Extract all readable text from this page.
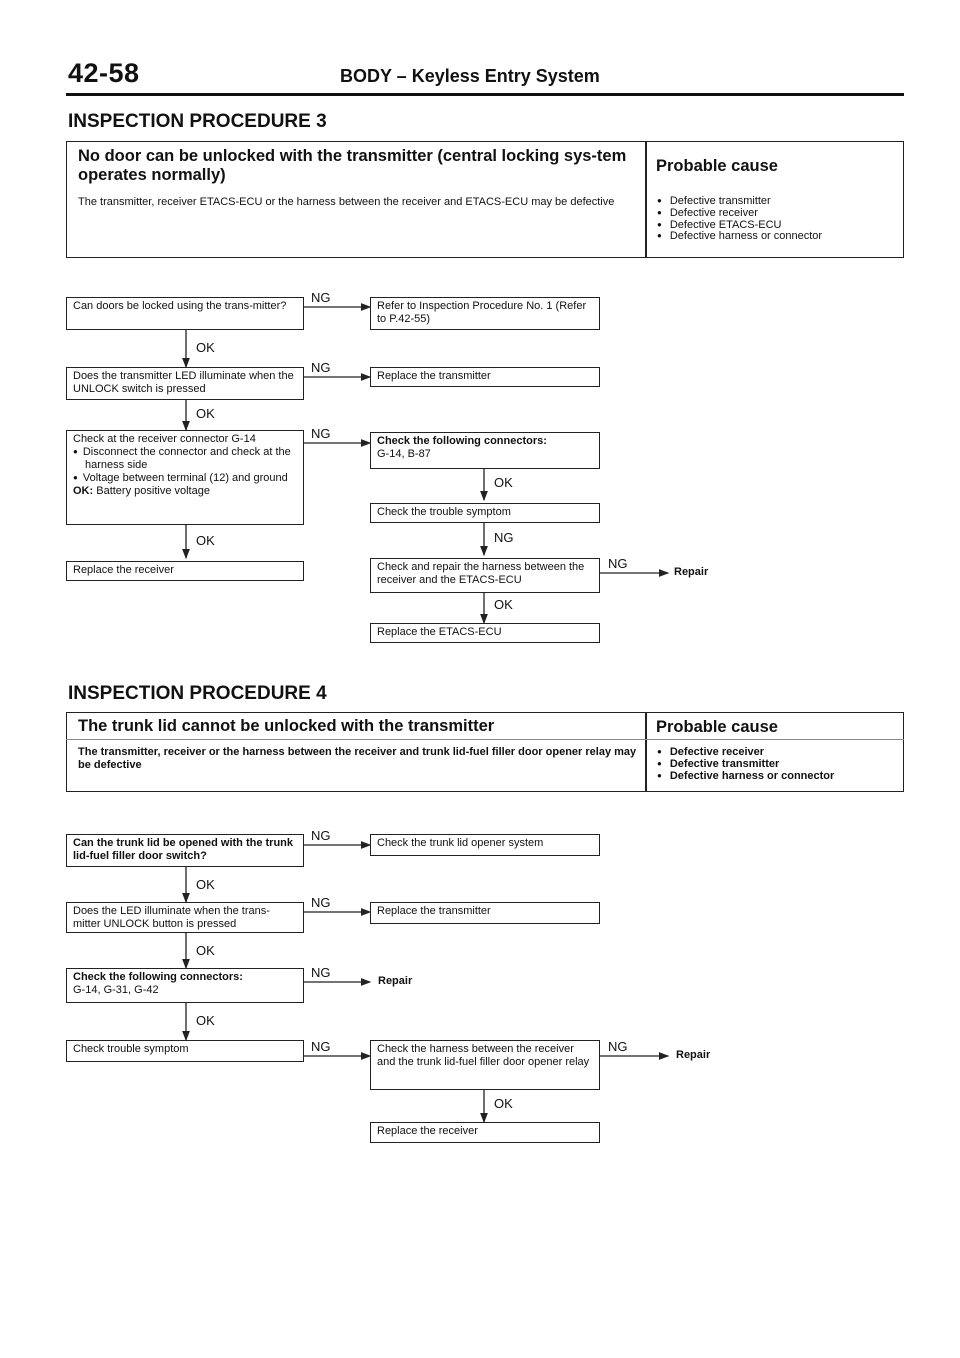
42-58	BODY – Keyless Entry System
INSPECTION PROCEDURE 3
No door can be unlocked with the transmitter (central locking sys-tem operates normally)
The transmitter, receiver ETACS-ECU or the harness between the receiver and ETACS-ECU may be defective
Probable cause
● Defective transmitter
● Defective receiver
● Defective ETACS-ECU
● Defective harness or connector
Can doors be locked using the trans-mitter?	Refer to Inspection Procedure No. 1 (Refer to P.42-55)
Does the transmitter LED illuminate when the UNLOCK switch is pressed
Replace the transmitter
Check at the receiver connector G-14
● Disconnect the connector and check at the harness side
● Voltage between terminal (12) and ground
OK: Battery positive voltage
Check the following connectors:
G-14, B-87
Check the trouble symptom
Check and repair the harness between the receiver and the ETACS-ECU
Replace the ETACS-ECU
Replace the receiver	Repair
NG
NG
NG
NG
OK
OK
OK
OK
NG
OK
INSPECTION PROCEDURE 4
The trunk lid cannot be unlocked with the transmitter
The transmitter, receiver or the harness between the receiver and trunk lid-fuel filler door opener relay may be defective
Probable cause
● Defective receiver
● Defective transmitter
● Defective harness or connector
Can the trunk lid be opened with the trunk lid-fuel filler door switch?
Check the trunk lid opener system
Does the LED illuminate when the trans-mitter UNLOCK button is pressed
Replace the transmitter
Check the following connectors:
G-14, G-31, G-42
Repair
Check trouble symptom	Check the harness between the receiver and the trunk lid-fuel filler door opener relay
Repair
Replace the receiver
NG
NG
NG
NG	NG
OK
OK
OK
OK
